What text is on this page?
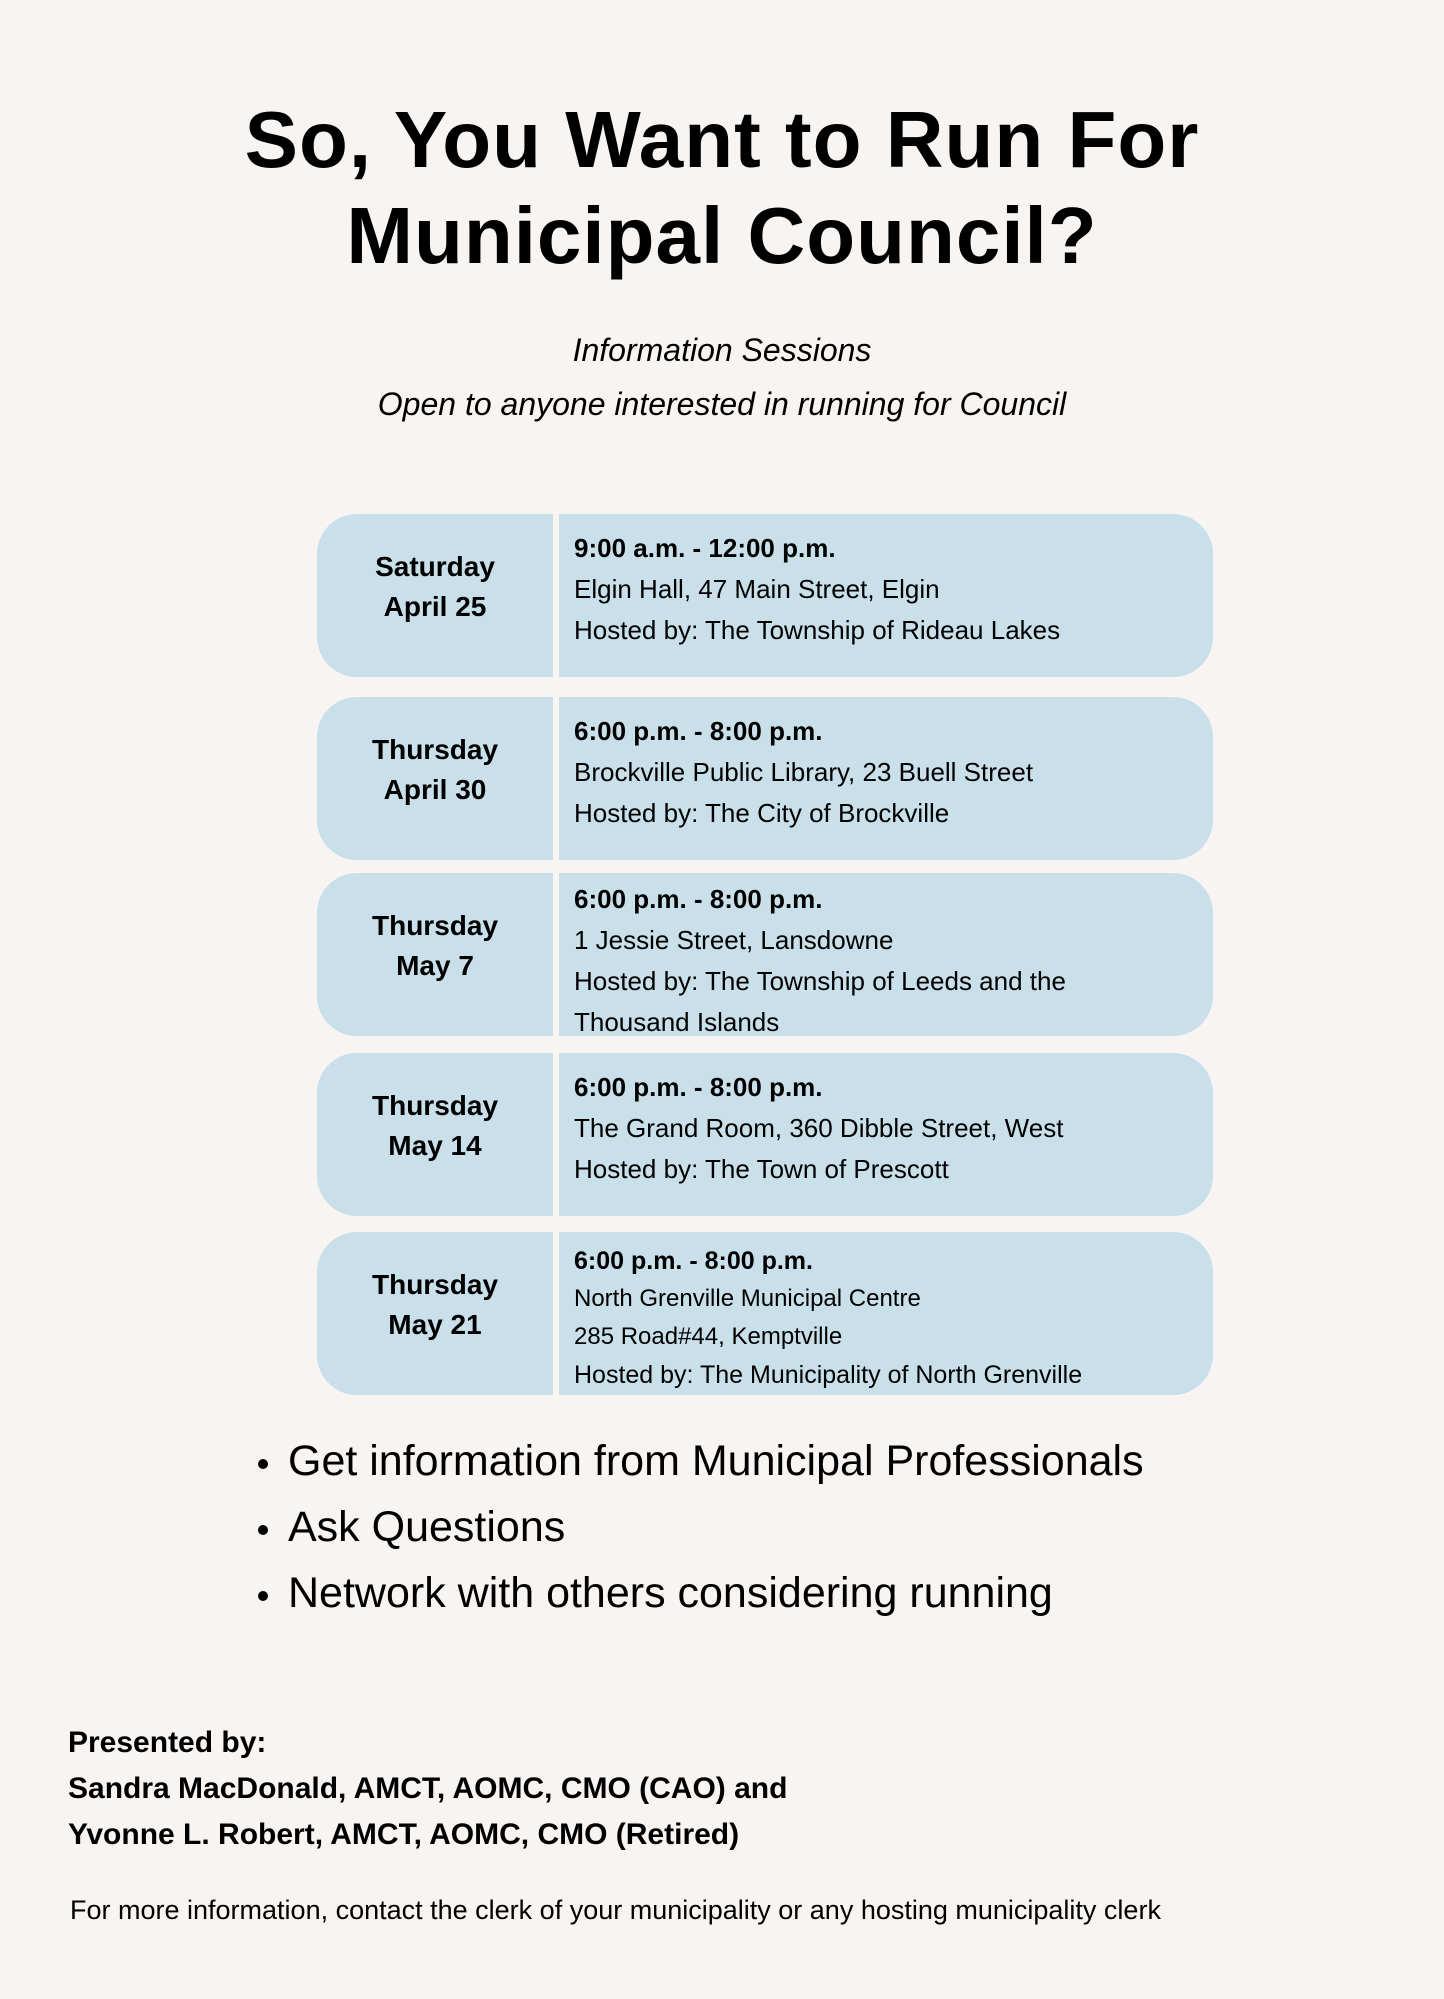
So, You Want to Run For
Municipal Council?
Information Sessions
Open to anyone interested in running for Council
Saturday
April 25
9:00 a.m. - 12:00 p.m.
Elgin Hall, 47 Main Street, Elgin
Hosted by: The Township of Rideau Lakes
Thursday
April 30
6:00 p.m. - 8:00 p.m.
Brockville Public Library, 23 Buell Street
Hosted by: The City of Brockville
Thursday
May 7
6:00 p.m. - 8:00 p.m.
1 Jessie Street, Lansdowne
Hosted by: The Township of Leeds and the Thousand Islands
Thursday
May 14
6:00 p.m. - 8:00 p.m.
The Grand Room, 360 Dibble Street, West
Hosted by: The Town of Prescott
Thursday
May 21
6:00 p.m. - 8:00 p.m.
North Grenville Municipal Centre
285 Road#44, Kemptville
Hosted by: The Municipality of North Grenville
Get information from Municipal Professionals
Ask Questions
Network with others considering running
Presented by:
Sandra MacDonald, AMCT, AOMC, CMO (CAO) and
Yvonne L. Robert, AMCT, AOMC, CMO (Retired)
For more information, contact the clerk of your municipality or any hosting municipality clerk
